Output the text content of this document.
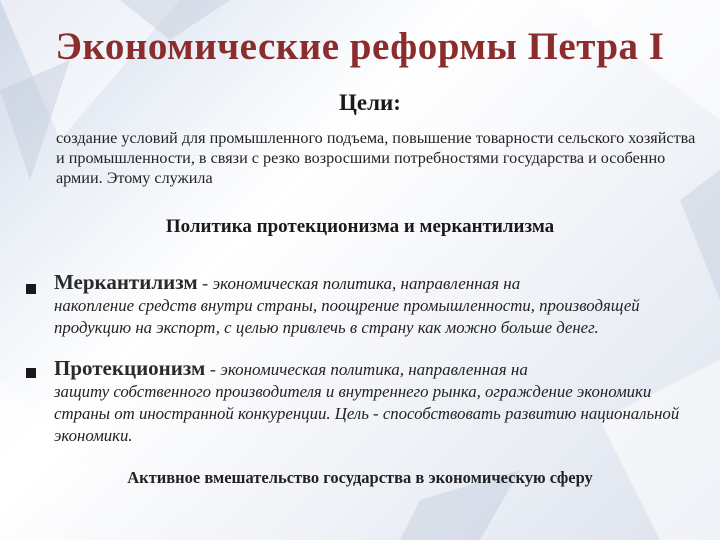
Экономические реформы Петра I
Цели:
создание условий для промышленного подъема, повышение товарности сельского хозяйства и промышленности, в связи с резко возросшими потребностями государства и особенно армии. Этому служила
Политика протекционизма и меркантилизма
Меркантилизм - экономическая политика, направленная на
накопление средств внутри страны, поощрение промышленности, производящей продукцию на экспорт, с целью привлечь в страну как можно больше денег.
Протекционизм - экономическая политика, направленная на
защиту собственного производителя и внутреннего рынка, ограждение экономики страны от иностранной конкуренции. Цель - способствовать развитию национальной экономики.
Активное вмешательство государства в экономическую сферу
